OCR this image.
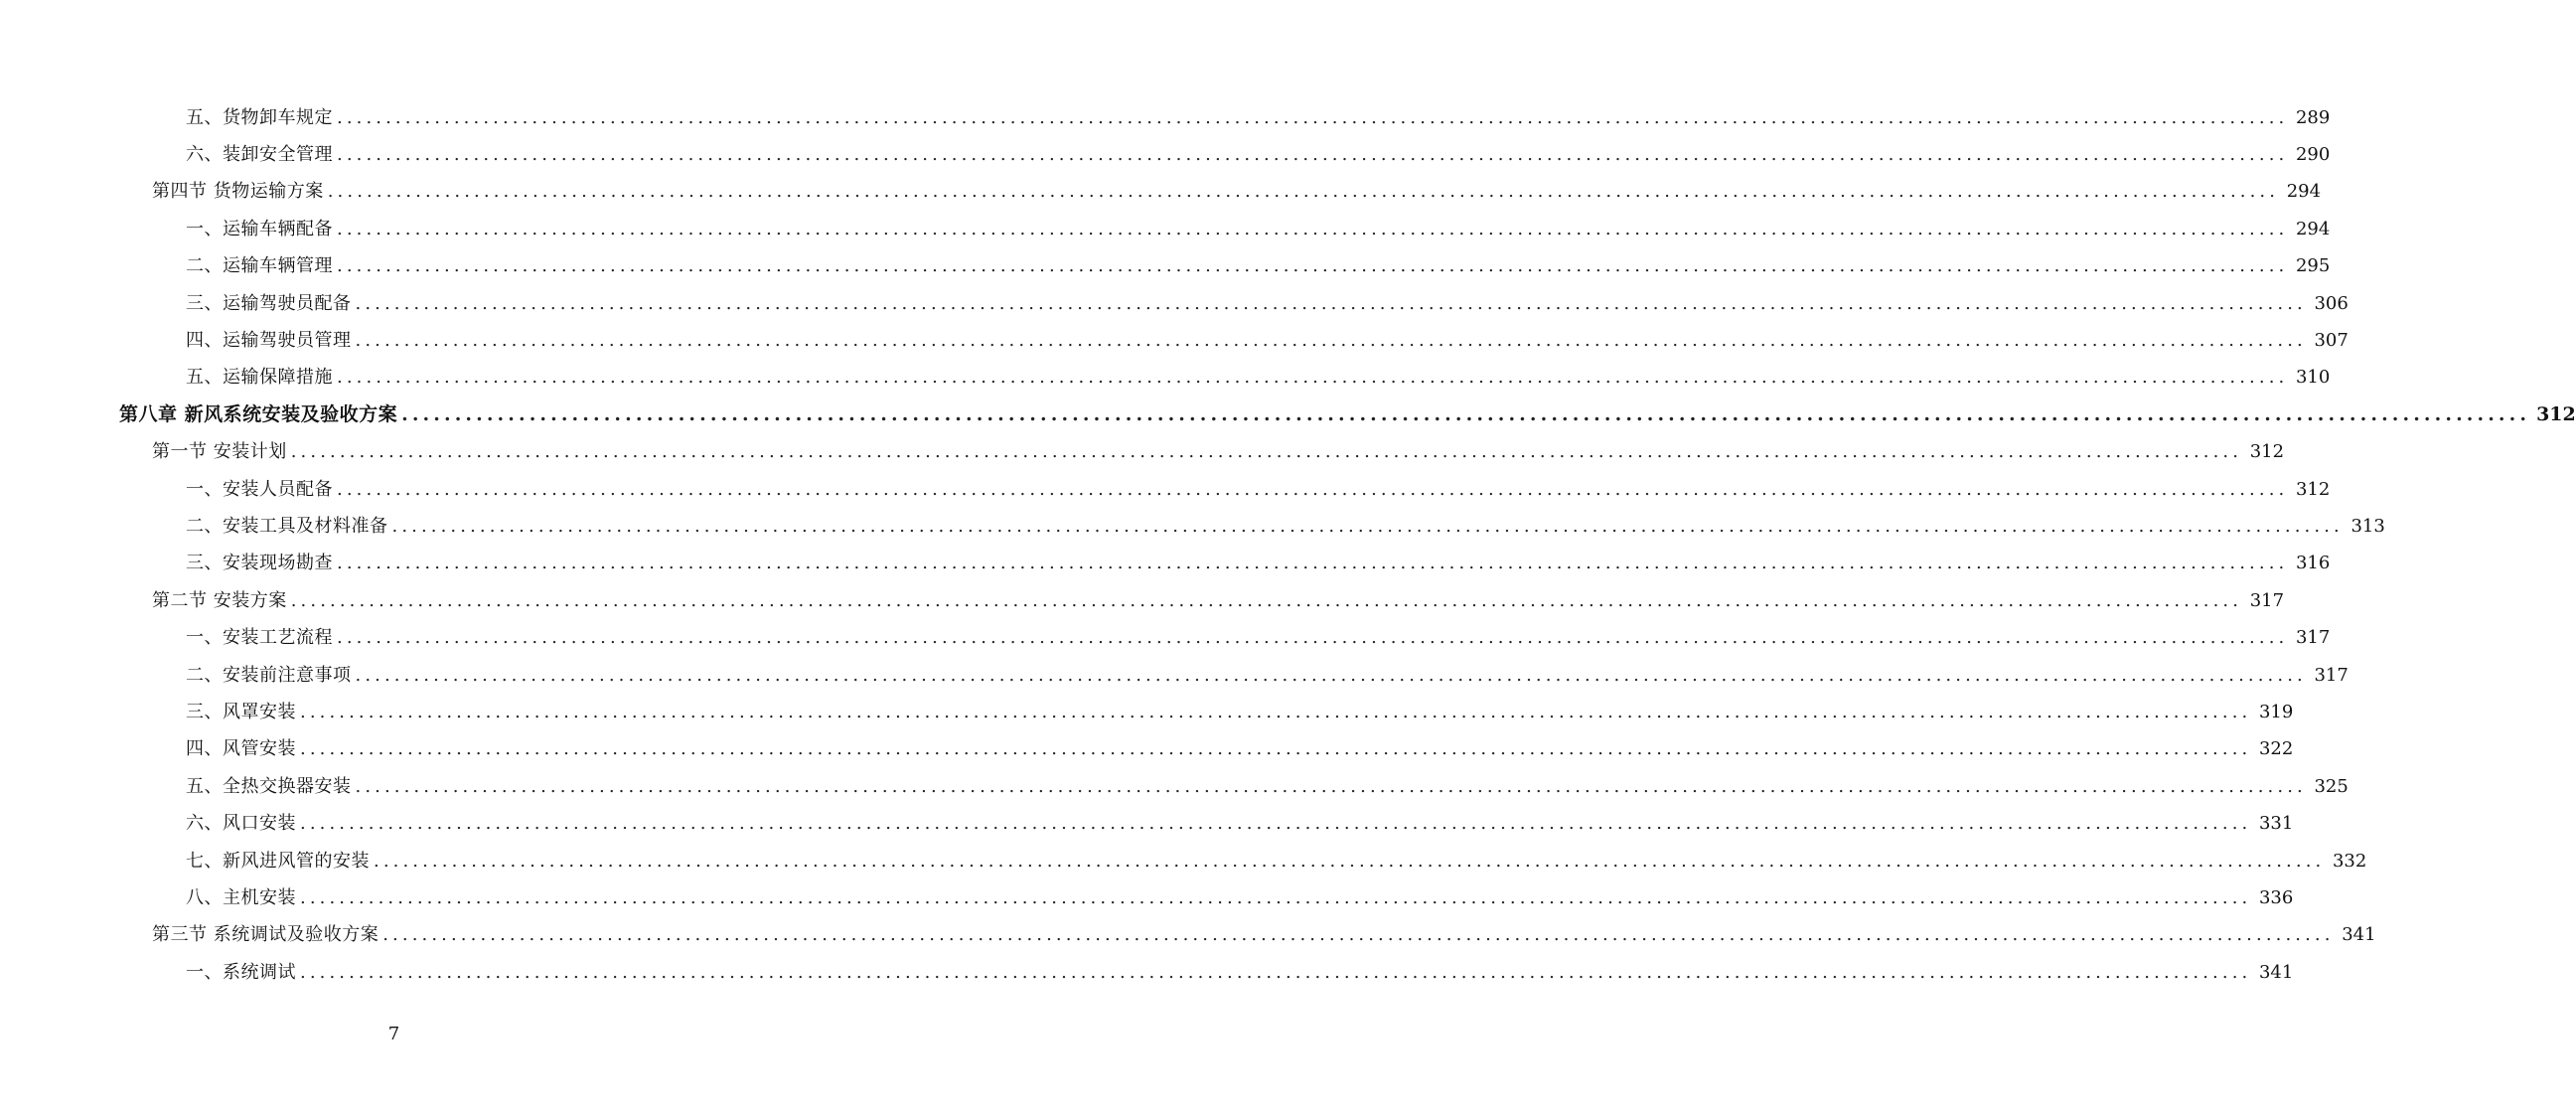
五、货物卸车规定 ........................................................................................................................................................................................................ 289
六、装卸安全管理 ........................................................................................................................................................................................................ 290
第四节 货物运输方案 ........................................................................................................................................................................................................ 294
一、运输车辆配备 ........................................................................................................................................................................................................ 294
二、运输车辆管理 ........................................................................................................................................................................................................ 295
三、运输驾驶员配备 ........................................................................................................................................................................................................ 306
四、运输驾驶员管理 ........................................................................................................................................................................................................ 307
五、运输保障措施 ........................................................................................................................................................................................................ 310
第八章 新风系统安装及验收方案 ........................................................................................................................................................................................................ 312
第一节 安装计划 ........................................................................................................................................................................................................ 312
一、安装人员配备 ........................................................................................................................................................................................................ 312
二、安装工具及材料准备 ........................................................................................................................................................................................................ 313
三、安装现场勘查 ........................................................................................................................................................................................................ 316
第二节 安装方案 ........................................................................................................................................................................................................ 317
一、安装工艺流程 ........................................................................................................................................................................................................ 317
二、安装前注意事项 ........................................................................................................................................................................................................ 317
三、风罩安装 ........................................................................................................................................................................................................ 319
四、风管安装 ........................................................................................................................................................................................................ 322
五、全热交换器安装 ........................................................................................................................................................................................................ 325
六、风口安装 ........................................................................................................................................................................................................ 331
七、新风进风管的安装 ........................................................................................................................................................................................................ 332
八、主机安装 ........................................................................................................................................................................................................ 336
第三节 系统调试及验收方案 ........................................................................................................................................................................................................ 341
一、系统调试 ........................................................................................................................................................................................................ 341
7
